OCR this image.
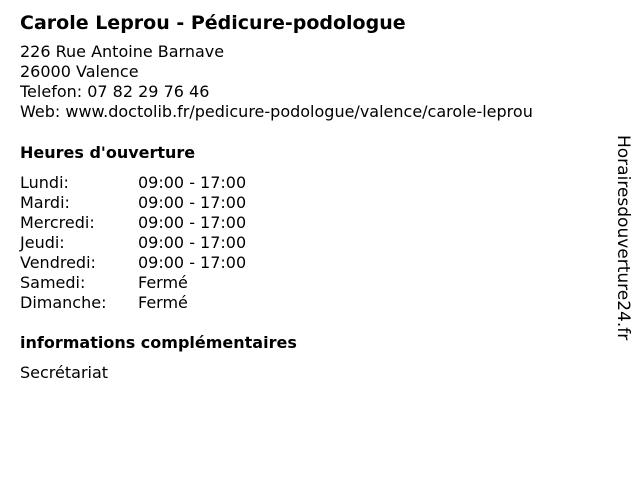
Carole Leprou - Pédicure-podologue
226 Rue Antoine Barnave
26000 Valence
Telefon: 07 82 29 76 46
Web: www.doctolib.fr/pedicure-podologue/valence/carole-leprou
Heures d'ouverture
Lundi:	09:00 - 17:00
Mardi:	09:00 - 17:00
Mercredi:	09:00 - 17:00
Jeudi:	09:00 - 17:00
Vendredi:	09:00 - 17:00
Samedi:	Fermé
Dimanche:	Fermé
informations complémentaires
Secrétariat
Horairesdouverture24.fr
